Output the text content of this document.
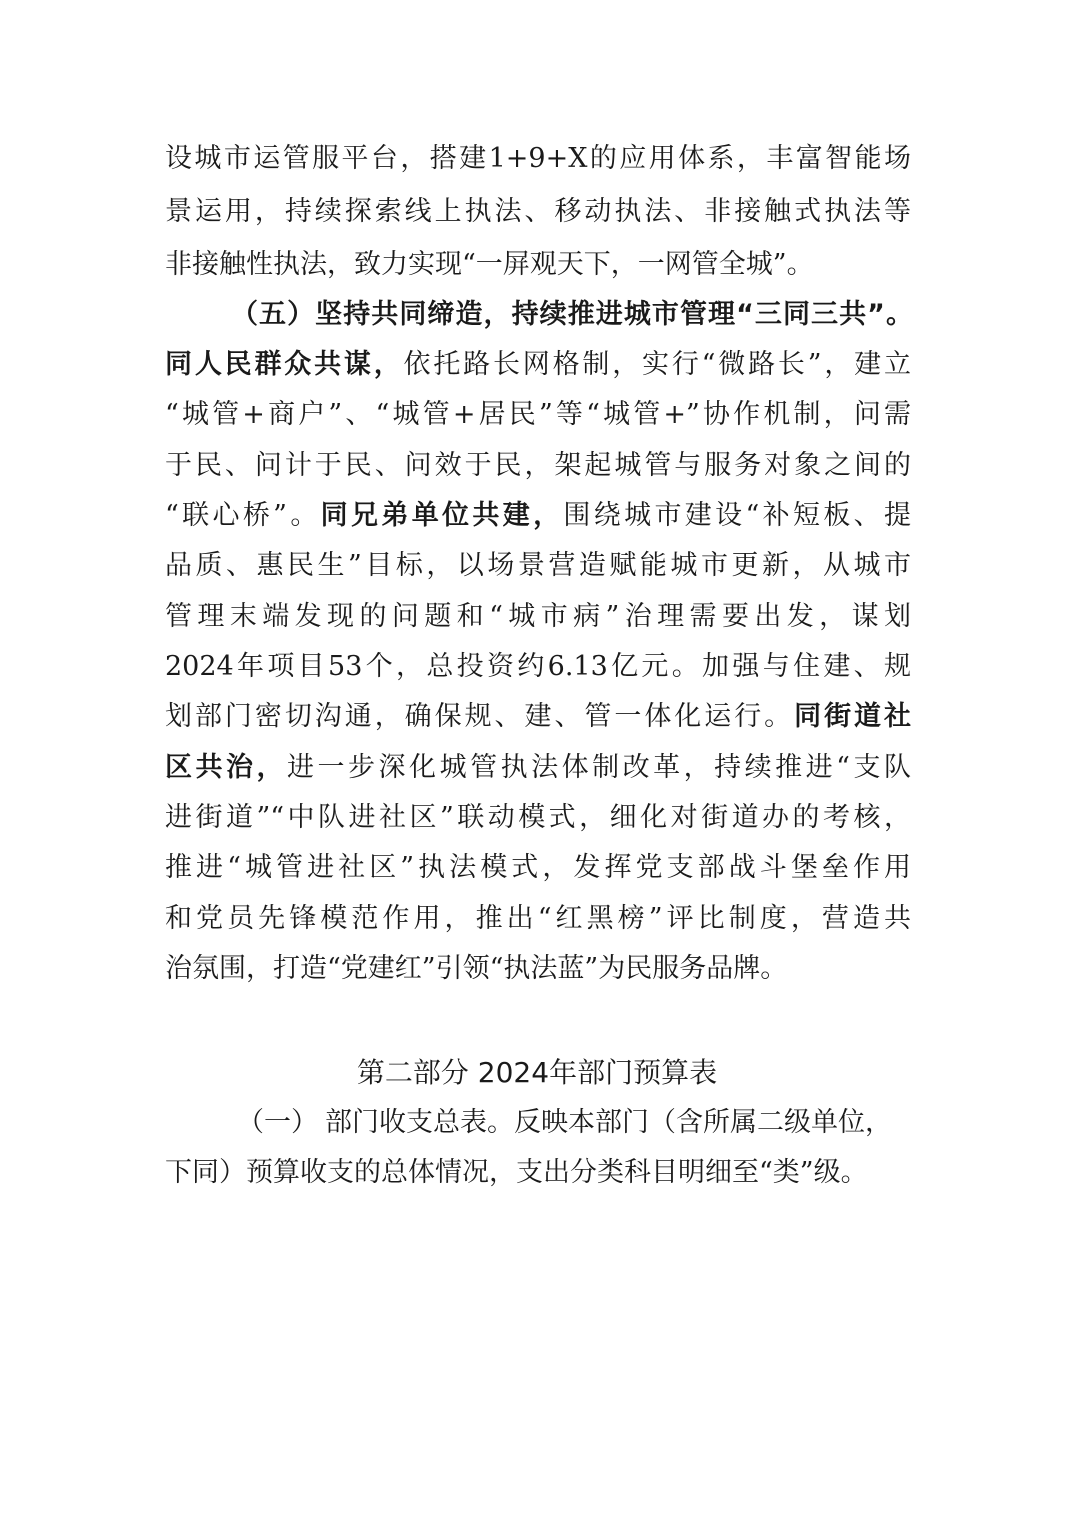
设城市运管服平台，搭建1+9+X的应用体系，丰富智能场
景运用，持续探索线上执法、移动执法、非接触式执法等
非接触性执法，致力实现“一屏观天下，一网管全城”。
（五）坚持共同缔造，持续推进城市管理“三同三共”。
同人民群众共谋，依托路长网格制，实行“微路长”，建立
“城管+商户”、“城管+居民”等“城管+”协作机制，问需
于民、问计于民、问效于民，架起城管与服务对象之间的
“联心桥”。同兄弟单位共建，围绕城市建设“补短板、提
品质、惠民生”目标，以场景营造赋能城市更新，从城市
管理末端发现的问题和“城市病”治理需要出发，谋划
2024年项目53个，总投资约6.13亿元。加强与住建、规
划部门密切沟通，确保规、建、管一体化运行。同街道社
区共治，进一步深化城管执法体制改革，持续推进“支队
进街道”“中队进社区”联动模式，细化对街道办的考核，
推进“城管进社区”执法模式，发挥党支部战斗堡垒作用
和党员先锋模范作用，推出“红黑榜”评比制度，营造共
治氛围，打造“党建红”引领“执法蓝”为民服务品牌。
第二部分 2024年部门预算表
（一） 部门收支总表。反映本部门（含所属二级单位，
下同）预算收支的总体情况，支出分类科目明细至“类”级。
